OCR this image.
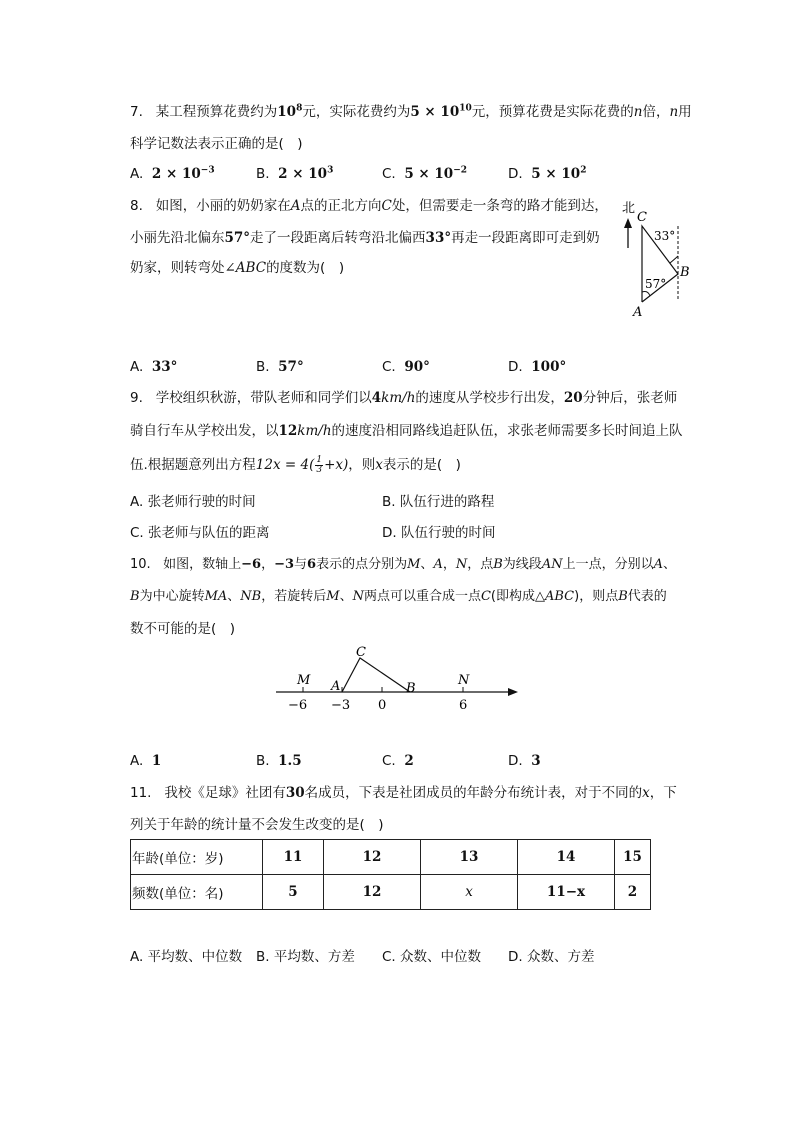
7. 某工程预算花费约为$10^8$元，实际花费约为$5 \times 10^{10}$元，预算花费是实际花费的n倍，n用
科学记数法表示正确的是(　)
A. $2 \times 10^{-3}$	B. $2 \times 10^3$	C. $5 \times 10^{-2}$	D. $5 \times 10^2$
8. 如图，小丽的奶奶家在A点的正北方向C处，但需要走一条弯的路才能到达，
小丽先沿北偏东57°走了一段距离后转弯沿北偏西33°再走一段距离即可走到奶
奶家，则转弯处∠ABC的度数为(　)
北
C
B
A
33°
57°
A. 33°	B. 57°	C. 90°	D. 100°
9. 学校组织秋游，带队老师和同学们以4km/h的速度从学校步行出发，20分钟后，张老师
骑自行车从学校出发，以12km/h的速度沿相同路线追赶队伍，求张老师需要多长时间追上队
伍.根据题意列出方程$12x = 4( \frac{1}{3} +x)$，则x表示的是(　)
A. 张老师行驶的时间	B. 队伍行进的路程
C. 张老师与队伍的距离	D. 队伍行驶的时间
10. 如图，数轴上−6，−3与6表示的点分别为M、A，N，点B为线段AN上一点，分别以A、
B为中心旋转MA、NB，若旋转后M、N两点可以重合成一点C(即构成△ABC)，则点B代表的
数不可能的是(　)
M A
C
B
N
−6 −3 0	6
A. 1	B. 1.5	C. 2	D. 3
11. 我校《足球》社团有30名成员，下表是社团成员的年龄分布统计表，对于不同的x，下
列关于年龄的统计量不会发生改变的是(　)
年龄(单位：岁)	11	12	13	14	15
频数(单位：名)	5	12	x	11−x	2
A. 平均数、中位数 B. 平均数、方差 C. 众数、中位数 D. 众数、方差
